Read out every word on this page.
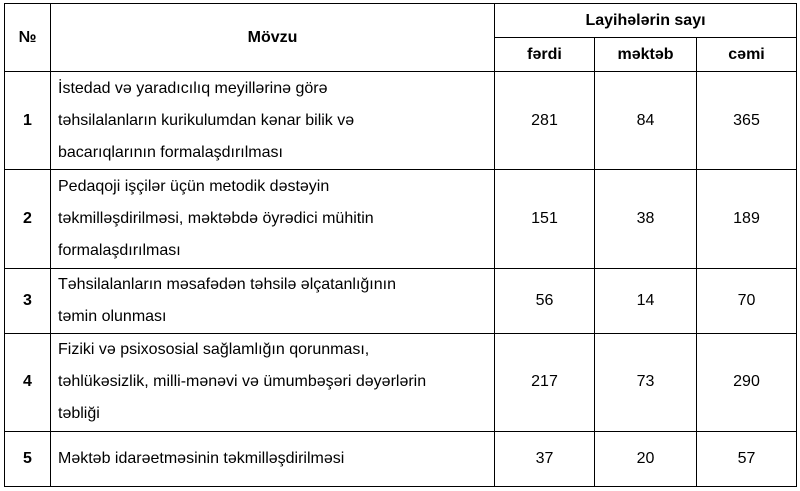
№	Mövzu	Layihələrin sayı		
		fərdi	məktəb	cəmi
1	İstedad və yaradıcılıq meyillərinə görə
təhsilalanların kurikulumdan kənar bilik və
bacarıqlarının formalaşdırılması	281	84	365
2	Pedaqoji işçilər üçün metodik dəstəyin
təkmilləşdirilməsi, məktəbdə öyrədici mühitin
formalaşdırılması	151	38	189
3	Təhsilalanların məsafədən təhsilə əlçatanlığının
təmin olunması	56	14	70
4	Fiziki və psixososial sağlamlığın qorunması,
təhlükəsizlik, milli-mənəvi və ümumbəşəri dəyərlərin
təbliği	217	73	290
5	Məktəb idarəetməsinin təkmilləşdirilməsi	37	20	57
